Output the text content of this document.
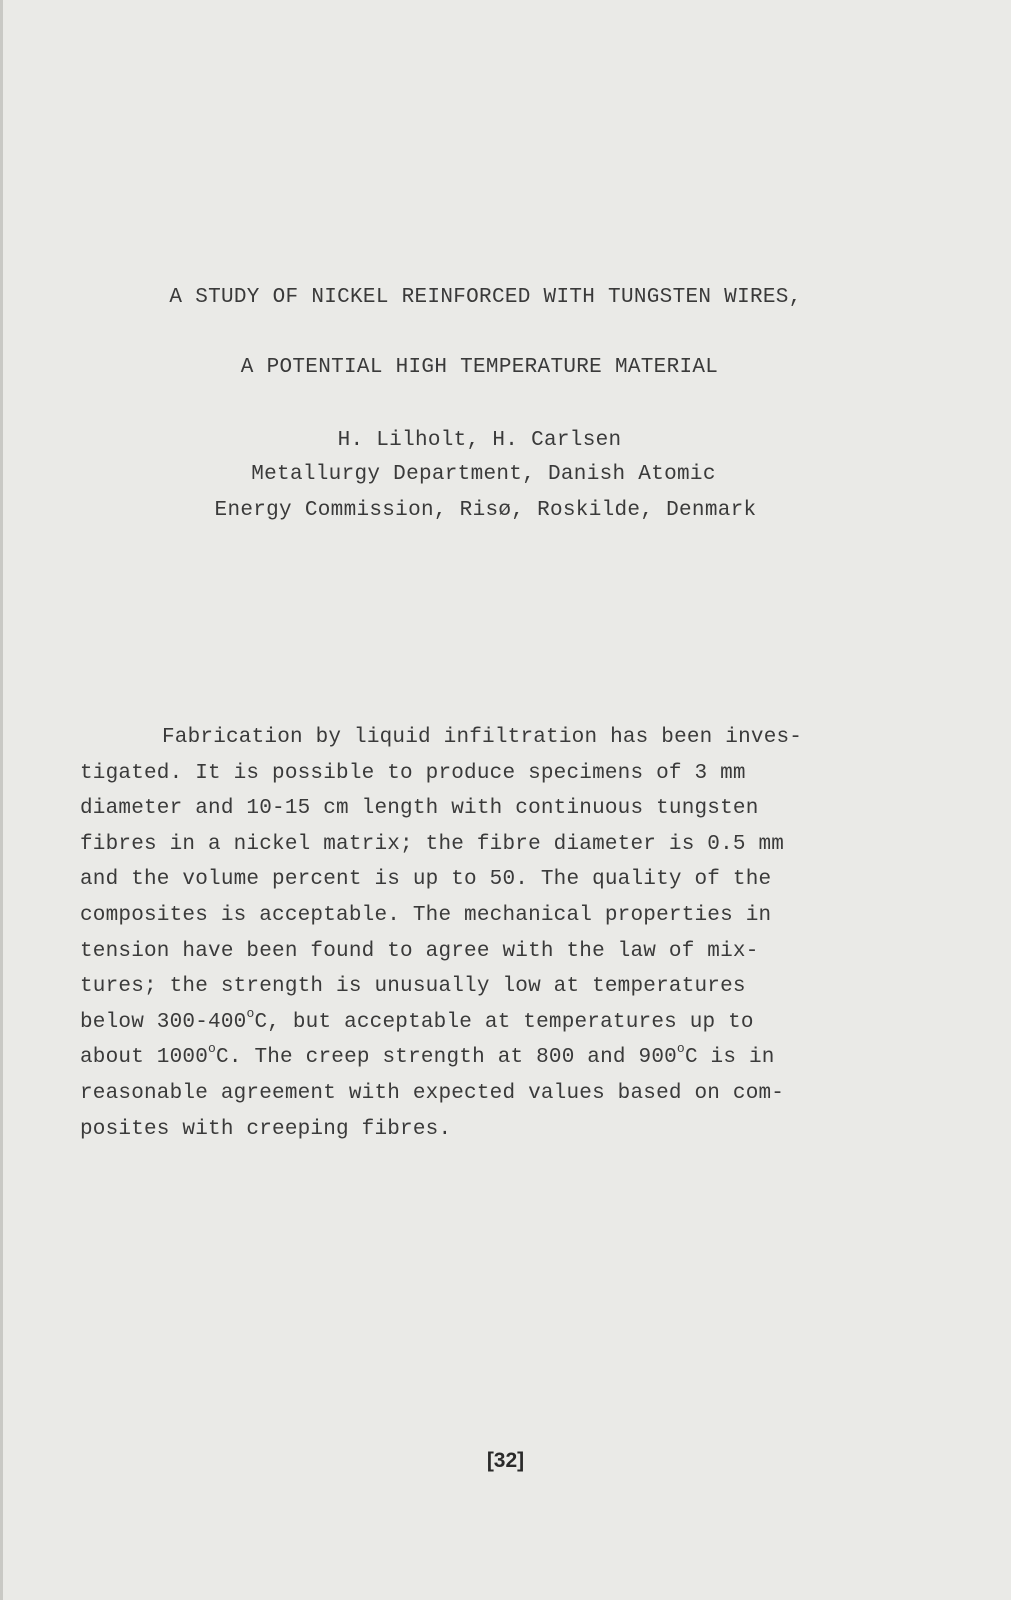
A STUDY OF NICKEL REINFORCED WITH TUNGSTEN WIRES,
A POTENTIAL HIGH TEMPERATURE MATERIAL
H. Lilholt, H. Carlsen
Metallurgy Department, Danish Atomic
Energy Commission, Risø, Roskilde, Denmark
Fabrication by liquid infiltration has been inves-
tigated. It is possible to produce specimens of 3 mm
diameter and 10-15 cm length with continuous tungsten
fibres in a nickel matrix; the fibre diameter is 0.5 mm
and the volume percent is up to 50. The quality of the
composites is acceptable. The mechanical properties in
tension have been found to agree with the law of mix-
tures; the strength is unusually low at temperatures
below 300-400$^o$C, but acceptable at temperatures up to
about 1000$^o$C. The creep strength at 800 and 900$^o$C is in
reasonable agreement with expected values based on com-
posites with creeping fibres.
[32]
